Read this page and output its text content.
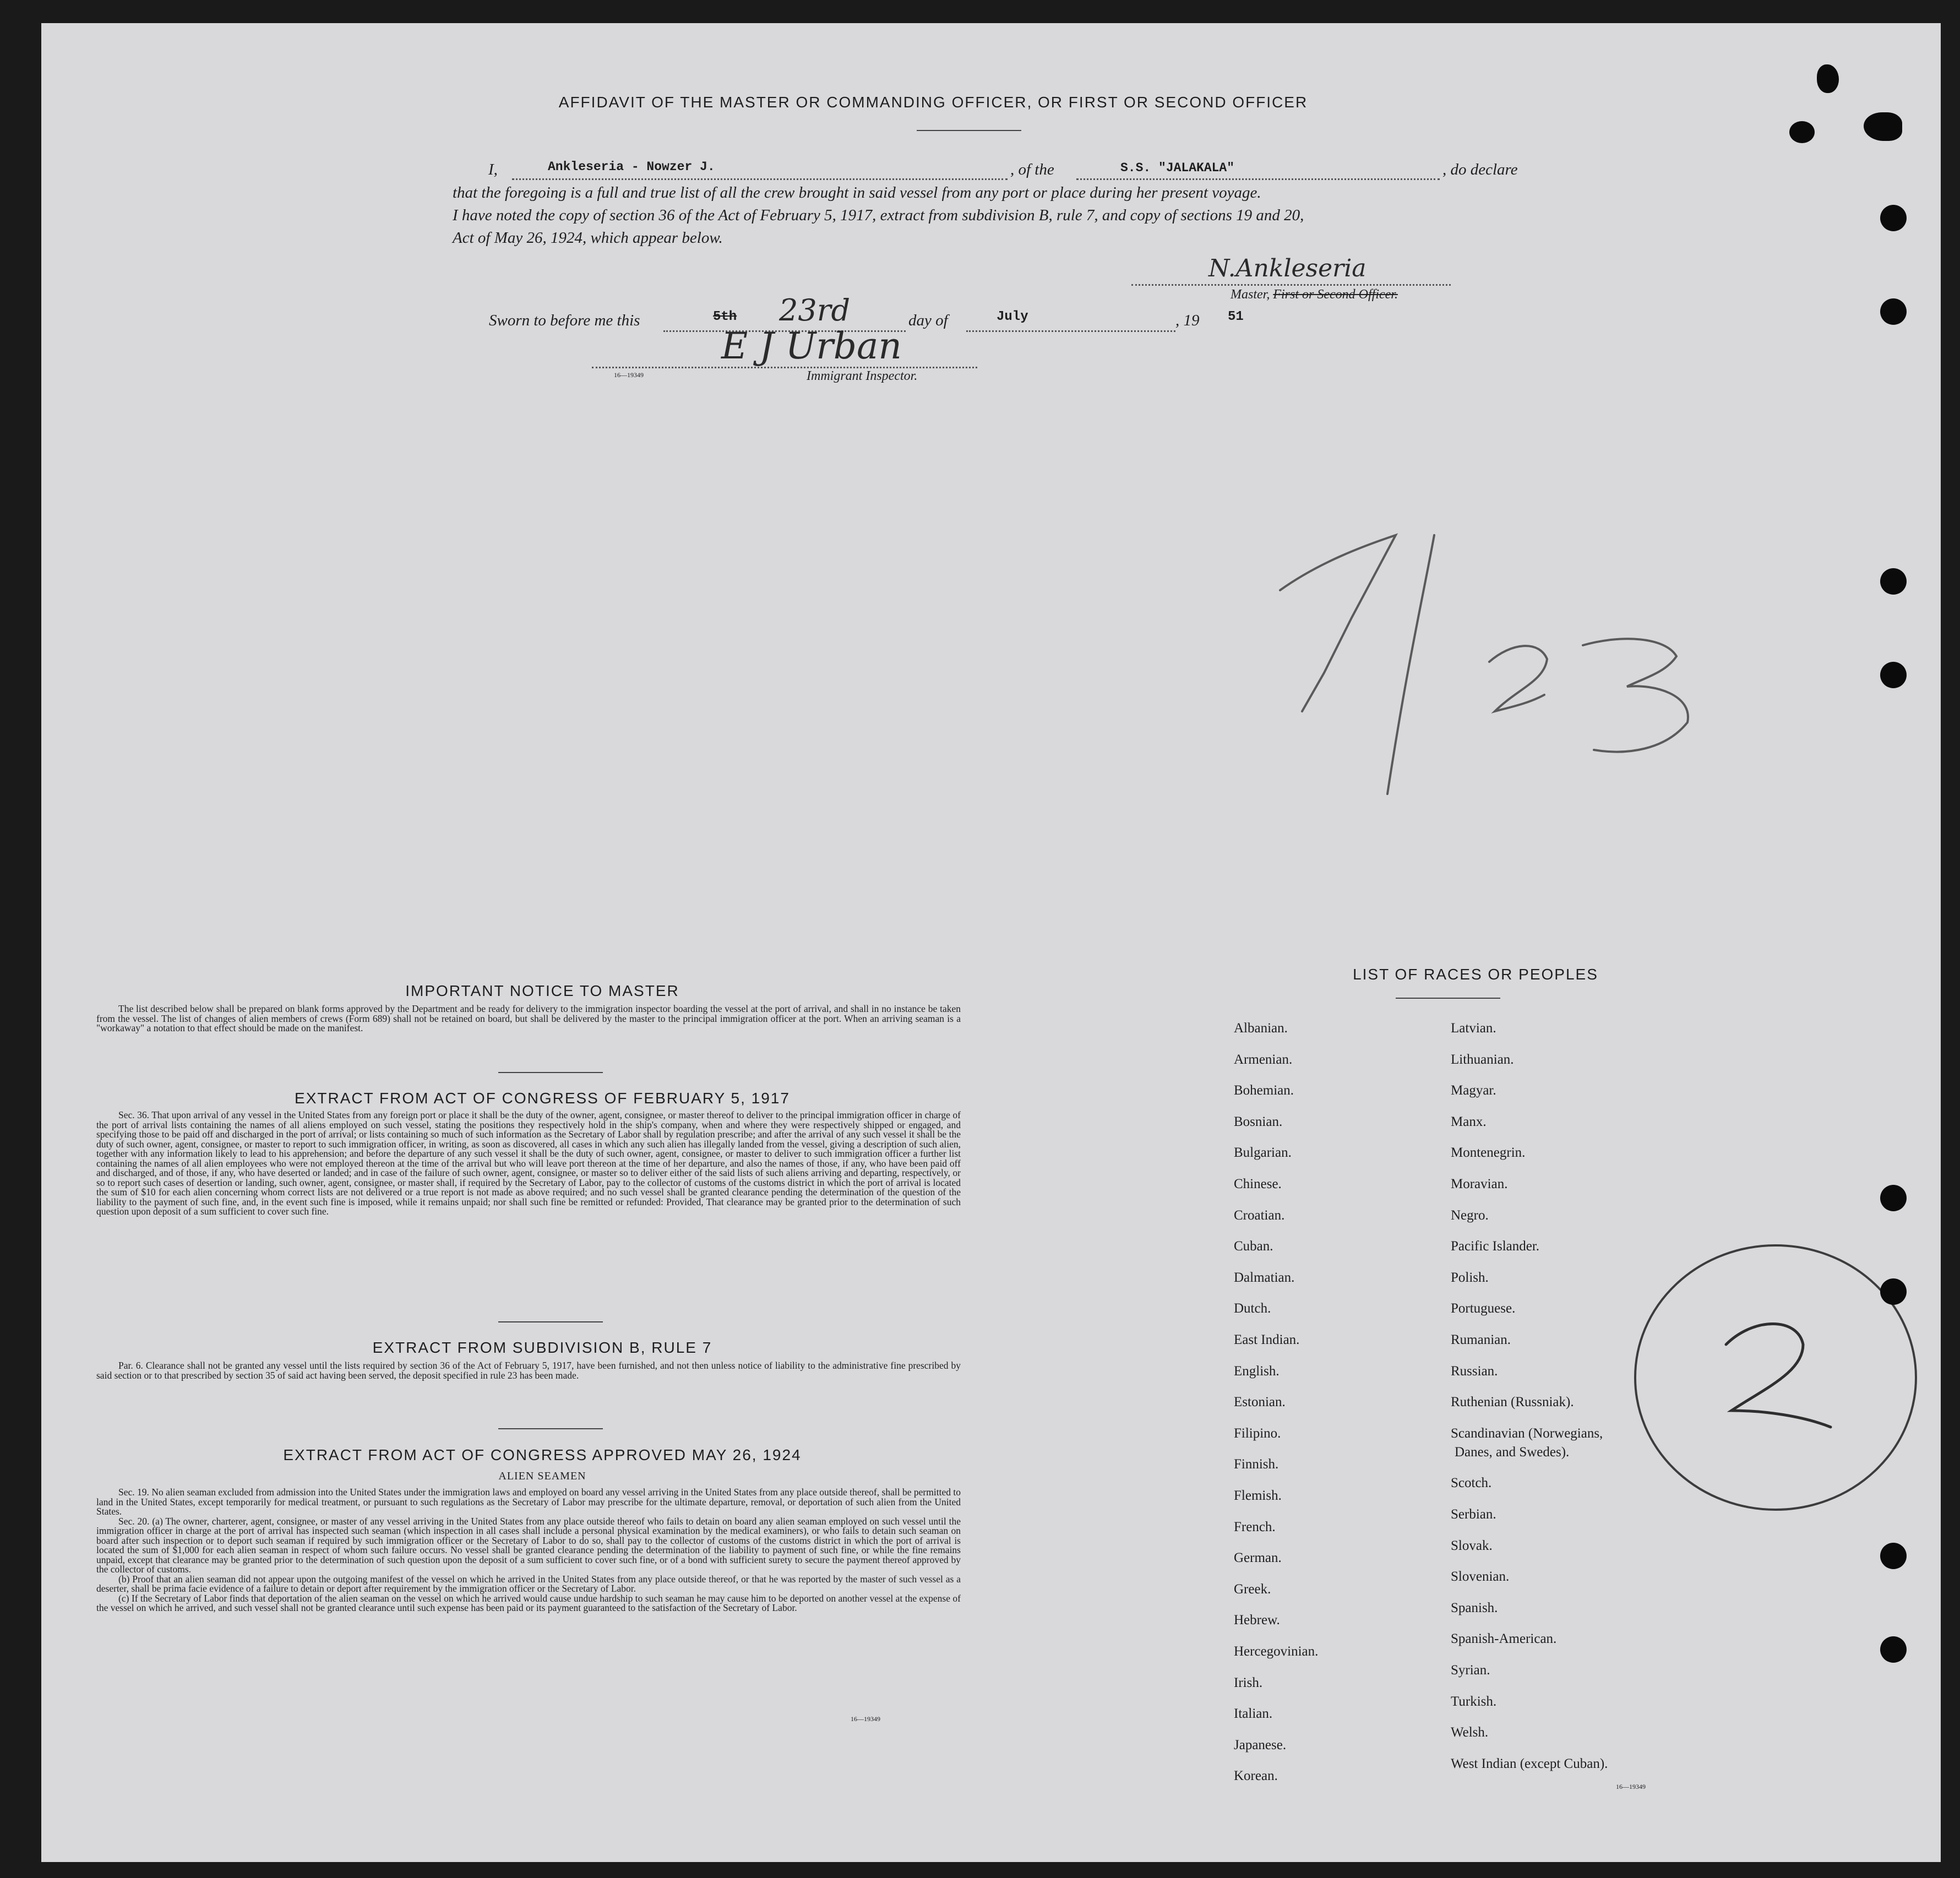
AFFIDAVIT OF THE MASTER OR COMMANDING OFFICER, OR FIRST OR SECOND OFFICER
I,	Ankleseria - Nowzer J.	, of the	S.S. "JALAKALA"	, do declare
that the foregoing is a full and true list of all the crew brought in said vessel from any port or place during her present voyage.
I have noted the copy of section 36 of the Act of February 5, 1917, extract from subdivision B, rule 7, and copy of sections 19 and 20,
Act of May 26, 1924, which appear below.
N.Ankleseria
Master, First or Second Officer.
Sworn to before me this	5th 23rd	day of	July	, 19 51
E J Urban
Immigrant Inspector.
16—19349
IMPORTANT NOTICE TO MASTER

The list described below shall be prepared on blank forms approved by the Department and be ready for delivery to the immigration inspector boarding the vessel at the port of arrival, and shall in no instance be taken from the vessel. The list of changes of alien members of crews (Form 689) shall not be retained on board, but shall be delivered by the master to the principal immigration officer at the port. When an arriving seaman is a "workaway" a notation to that effect should be made on the manifest.

EXTRACT FROM ACT OF CONGRESS OF FEBRUARY 5, 1917

Sec. 36. That upon arrival of any vessel in the United States from any foreign port or place it shall be the duty of the owner, agent, consignee, or master thereof to deliver to the principal immigration officer in charge of the port of arrival lists containing the names of all aliens employed on such vessel, stating the positions they respectively hold in the ship's company, when and where they were respectively shipped or engaged, and specifying those to be paid off and discharged in the port of arrival; or lists containing so much of such information as the Secretary of Labor shall by regulation prescribe; and after the arrival of any such vessel it shall be the duty of such owner, agent, consignee, or master to report to such immigration officer, in writing, as soon as discovered, all cases in which any such alien has illegally landed from the vessel, giving a description of such alien, together with any information likely to lead to his apprehension; and before the departure of any such vessel it shall be the duty of such owner, agent, consignee, or master to deliver to such immigration officer a further list containing the names of all alien employees who were not employed thereon at the time of the arrival but who will leave port thereon at the time of her departure, and also the names of those, if any, who have been paid off and discharged, and of those, if any, who have deserted or landed; and in case of the failure of such owner, agent, consignee, or master so to deliver either of the said lists of such aliens arriving and departing, respectively, or so to report such cases of desertion or landing, such owner, agent, consignee, or master shall, if required by the Secretary of Labor, pay to the collector of customs of the customs district in which the port of arrival is located the sum of $10 for each alien concerning whom correct lists are not delivered or a true report is not made as above required; and no such vessel shall be granted clearance pending the determination of the question of the liability to the payment of such fine, and, in the event such fine is imposed, while it remains unpaid; nor shall such fine be remitted or refunded: Provided, That clearance may be granted prior to the determination of such question upon deposit of a sum sufficient to cover such fine.

EXTRACT FROM SUBDIVISION B, RULE 7

Par. 6. Clearance shall not be granted any vessel until the lists required by section 36 of the Act of February 5, 1917, have been furnished, and not then unless notice of liability to the administrative fine prescribed by said section or to that prescribed by section 35 of said act having been served, the deposit specified in rule 23 has been made.

EXTRACT FROM ACT OF CONGRESS APPROVED MAY 26, 1924
ALIEN SEAMEN

Sec. 19. No alien seaman excluded from admission into the United States under the immigration laws and employed on board any vessel arriving in the United States from any place outside thereof, shall be permitted to land in the United States, except temporarily for medical treatment, or pursuant to such regulations as the Secretary of Labor may prescribe for the ultimate departure, removal, or deportation of such alien from the United States.

Sec. 20. (a) The owner, charterer, agent, consignee, or master of any vessel arriving in the United States from any place outside thereof who fails to detain on board any alien seaman employed on such vessel until the immigration officer in charge at the port of arrival has inspected such seaman (which inspection in all cases shall include a personal physical examination by the medical examiners), or who fails to detain such seaman on board after such inspection or to deport such seaman if required by such immigration officer or the Secretary of Labor to do so, shall pay to the collector of customs of the customs district in which the port of arrival is located the sum of $1,000 for each alien seaman in respect of whom such failure occurs. No vessel shall be granted clearance pending the determination of the liability to payment of such fine, or while the fine remains unpaid, except that clearance may be granted prior to the determination of such question upon the deposit of a sum sufficient to cover such fine, or of a bond with sufficient surety to secure the payment thereof approved by the collector of customs.

(b) Proof that an alien seaman did not appear upon the outgoing manifest of the vessel on which he arrived in the United States from any place outside thereof, or that he was reported by the master of such vessel as a deserter, shall be prima facie evidence of a failure to detain or deport after requirement by the immigration officer or the Secretary of Labor.

(c) If the Secretary of Labor finds that deportation of the alien seaman on the vessel on which he arrived would cause undue hardship to such seaman he may cause him to be deported on another vessel at the expense of the vessel on which he arrived, and such vessel shall not be granted clearance until such expense has been paid or its payment guaranteed to the satisfaction of the Secretary of Labor.

16—19349
LIST OF RACES OR PEOPLES
Albanian.
Armenian.
Bohemian.
Bosnian.
Bulgarian.
Chinese.
Croatian.
Cuban.
Dalmatian.
Dutch.
East Indian.
English.
Estonian.
Filipino.
Finnish.
Flemish.
French.
German.
Greek.
Hebrew.
Hercegovinian.
Irish.
Italian.
Japanese.
Korean.
Latvian.
Lithuanian.
Magyar.
Manx.
Montenegrin.
Moravian.
Negro.
Pacific Islander.
Polish.
Portuguese.
Rumanian.
Russian.
Ruthenian (Russniak).
Scandinavian (Norwegians,
Danes, and Swedes).
Scotch.
Serbian.
Slovak.
Slovenian.
Spanish.
Spanish-American.
Syrian.
Turkish.
Welsh.
West Indian (except Cuban).
16—19349
